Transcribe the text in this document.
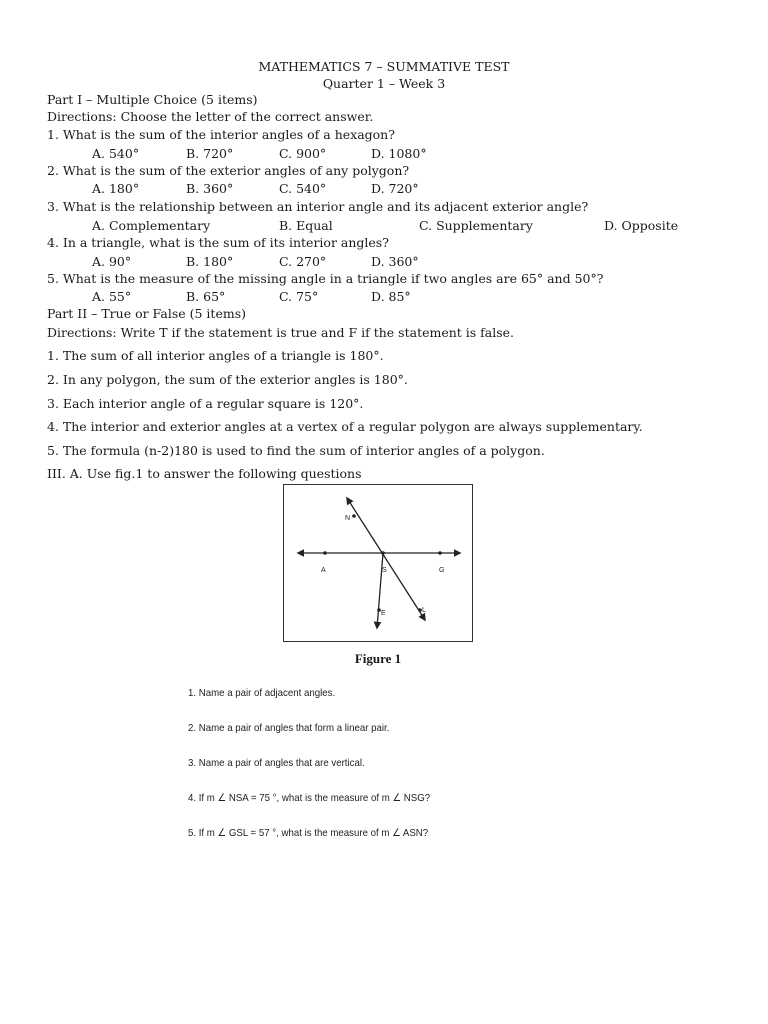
MATHEMATICS 7 – SUMMATIVE TEST
Quarter 1 – Week 3
Part I – Multiple Choice (5 items)
Directions: Choose the letter of the correct answer.
1. What is the sum of the interior angles of a hexagon?
A. 540°	B. 720°	C. 900°	D. 1080°
2. What is the sum of the exterior angles of any polygon?
A. 180°	B. 360°	C. 540°	D. 720°
3. What is the relationship between an interior angle and its adjacent exterior angle?
A. Complementary	B. Equal	C. Supplementary	D. Opposite
4. In a triangle, what is the sum of its interior angles?
A. 90°	B. 180°	C. 270°	D. 360°
5. What is the measure of the missing angle in a triangle if two angles are 65° and 50°?
A. 55°	B. 65°	C. 75°	D. 85°
Part II – True or False (5 items)
Directions: Write T if the statement is true and F if the statement is false.
1. The sum of all interior angles of a triangle is 180°.
2. In any polygon, the sum of the exterior angles is 180°.
3. Each interior angle of a regular square is 120°.
4. The interior and exterior angles at a vertex of a regular polygon are always supplementary.
5. The formula (n-2)180 is used to find the sum of interior angles of a polygon.
III. A. Use fig.1 to answer the following questions
N
A	S	G
E	L
Figure 1
1. Name a pair of adjacent angles.
2. Name a pair of angles that form a linear pair.
3. Name a pair of angles that are vertical.
4. If m ∠ NSA = 75 °, what is the measure of m ∠ NSG?
5. If m ∠ GSL = 57 °, what is the measure of m ∠ ASN?
